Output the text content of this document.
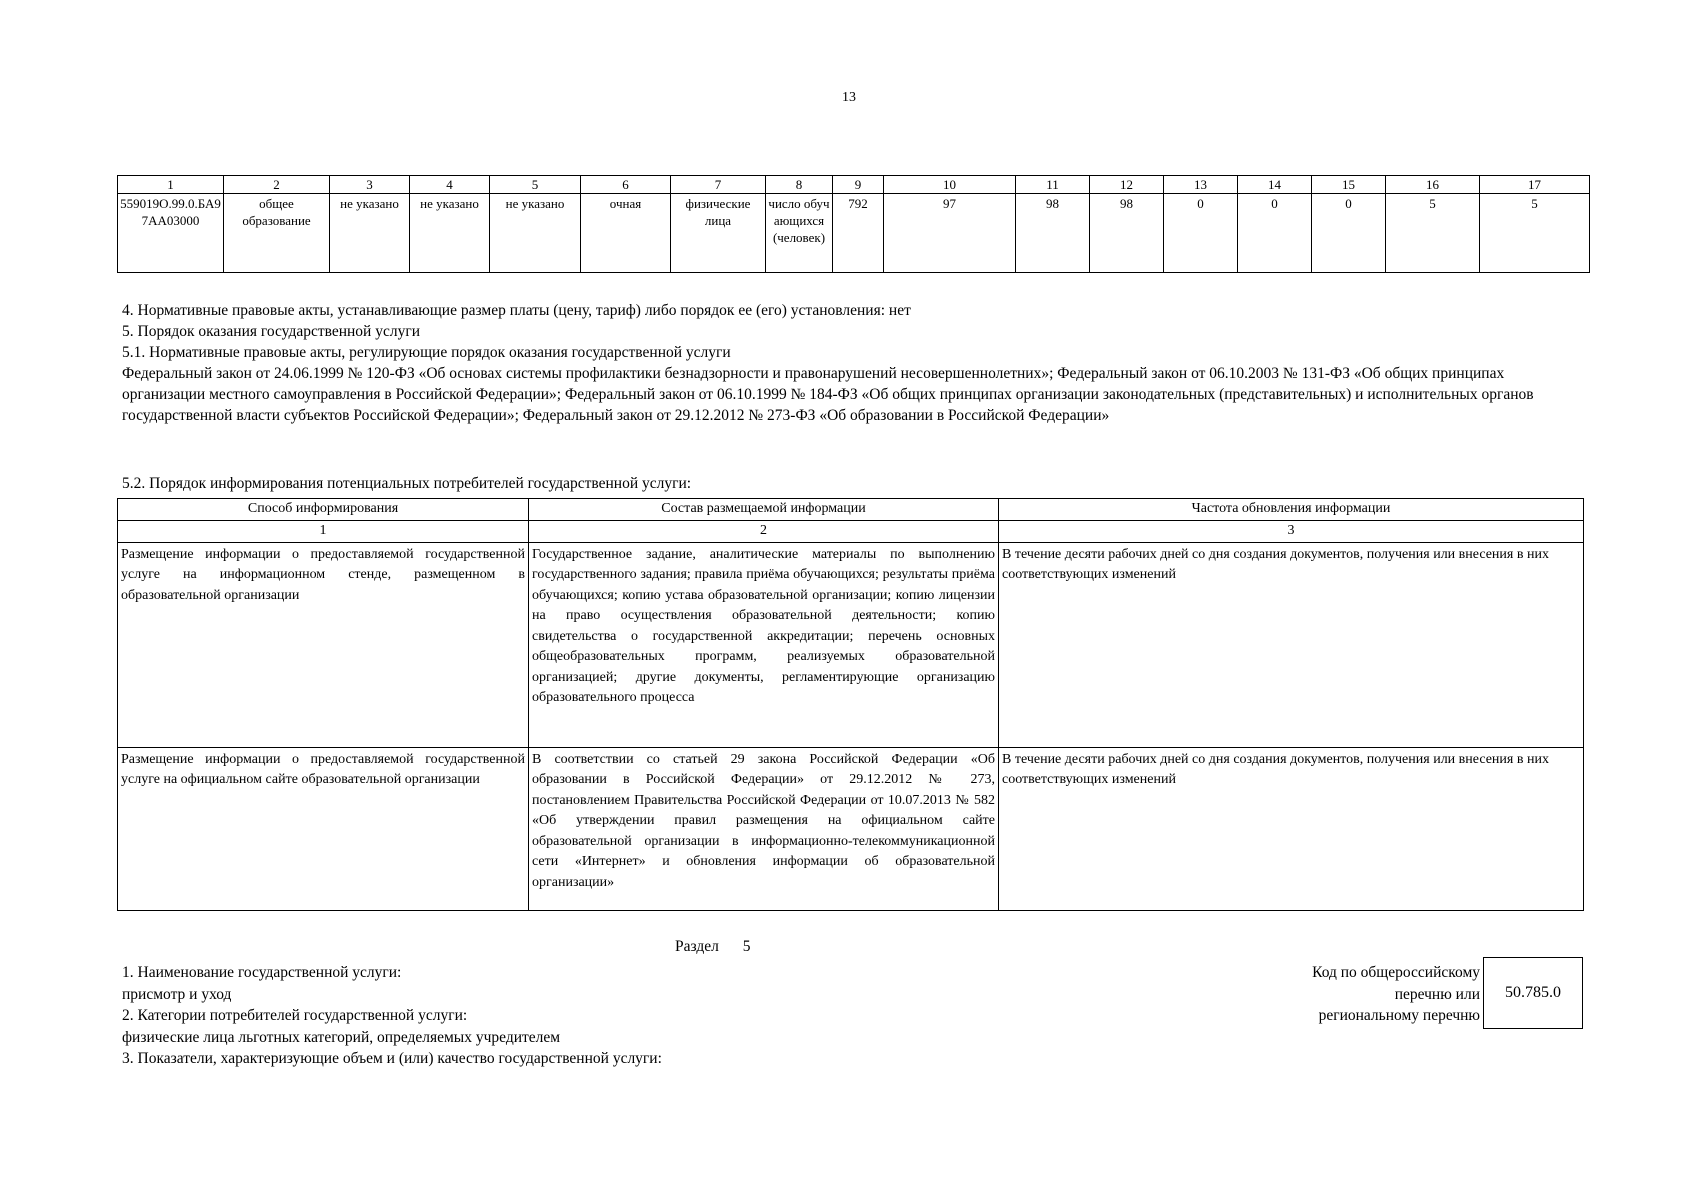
13
1	2	3	4	5	6	7	8	9	10	11	12	13	14	15	16	17
559019О.99.0.БА97АА03000	общее образование	не указано	не указано	не указано	очная	физические лица	число обучающихся (человек)	792	97	98	98	0	0	0	5	5

4. Нормативные правовые акты, устанавливающие размер платы (цену, тариф) либо порядок ее (его) установления: нет

5. Порядок оказания государственной услуги

5.1. Нормативные правовые акты, регулирующие порядок оказания государственной услуги

Федеральный закон от 24.06.1999 № 120-ФЗ «Об основах системы профилактики безнадзорности и правонарушений несовершеннолетних»; Федеральный закон от 06.10.2003 № 131-ФЗ «Об общих принципах организации местного самоуправления в Российской Федерации»; Федеральный закон от 06.10.1999 № 184-ФЗ «Об общих принципах организации законодательных (представительных) и исполнительных органов государственной власти субъектов Российской Федерации»; Федеральный закон от 29.12.2012 № 273-ФЗ «Об образовании в Российской Федерации»

5.2. Порядок информирования потенциальных потребителей государственной услуги:

Способ информирования	Состав размещаемой информации	Частота обновления информации
1	2	3
Размещение информации о предоставляемой государственной услуге на информационном стенде, размещенном в образовательной организации	Государственное задание, аналитические материалы по выполнению государственного задания; правила приёма обучающихся; результаты приёма обучающихся; копию устава образовательной организации; копию лицензии на право осуществления образовательной деятельности; копию свидетельства о государственной аккредитации; перечень основных общеобразовательных программ, реализуемых образовательной организацией; другие документы, регламентирующие организацию образовательного процесса	В течение десяти рабочих дней со дня создания документов, получения или внесения в них соответствующих изменений
Размещение информации о предоставляемой государственной услуге на официальном сайте образовательной организации	В соответствии со статьей 29 закона Российской Федерации «Об образовании в Российской Федерации» от 29.12.2012 № 273, постановлением Правительства Российской Федерации от 10.07.2013 № 582 «Об утверждении правил размещения на официальном сайте образовательной организации в информационно-телекоммуникационной сети «Интернет» и обновления информации об образовательной организации»	В течение десяти рабочих дней со дня создания документов, получения или внесения в них соответствующих изменений
Раздел 5

1. Наименование государственной услуги:

присмотр и уход

2. Категории потребителей государственной услуги:

физические лица льготных категорий, определяемых учредителем

3. Показатели, характеризующие объем и (или) качество государственной услуги:

Код по общероссийскому

перечню или

региональному перечню

50.785.0
